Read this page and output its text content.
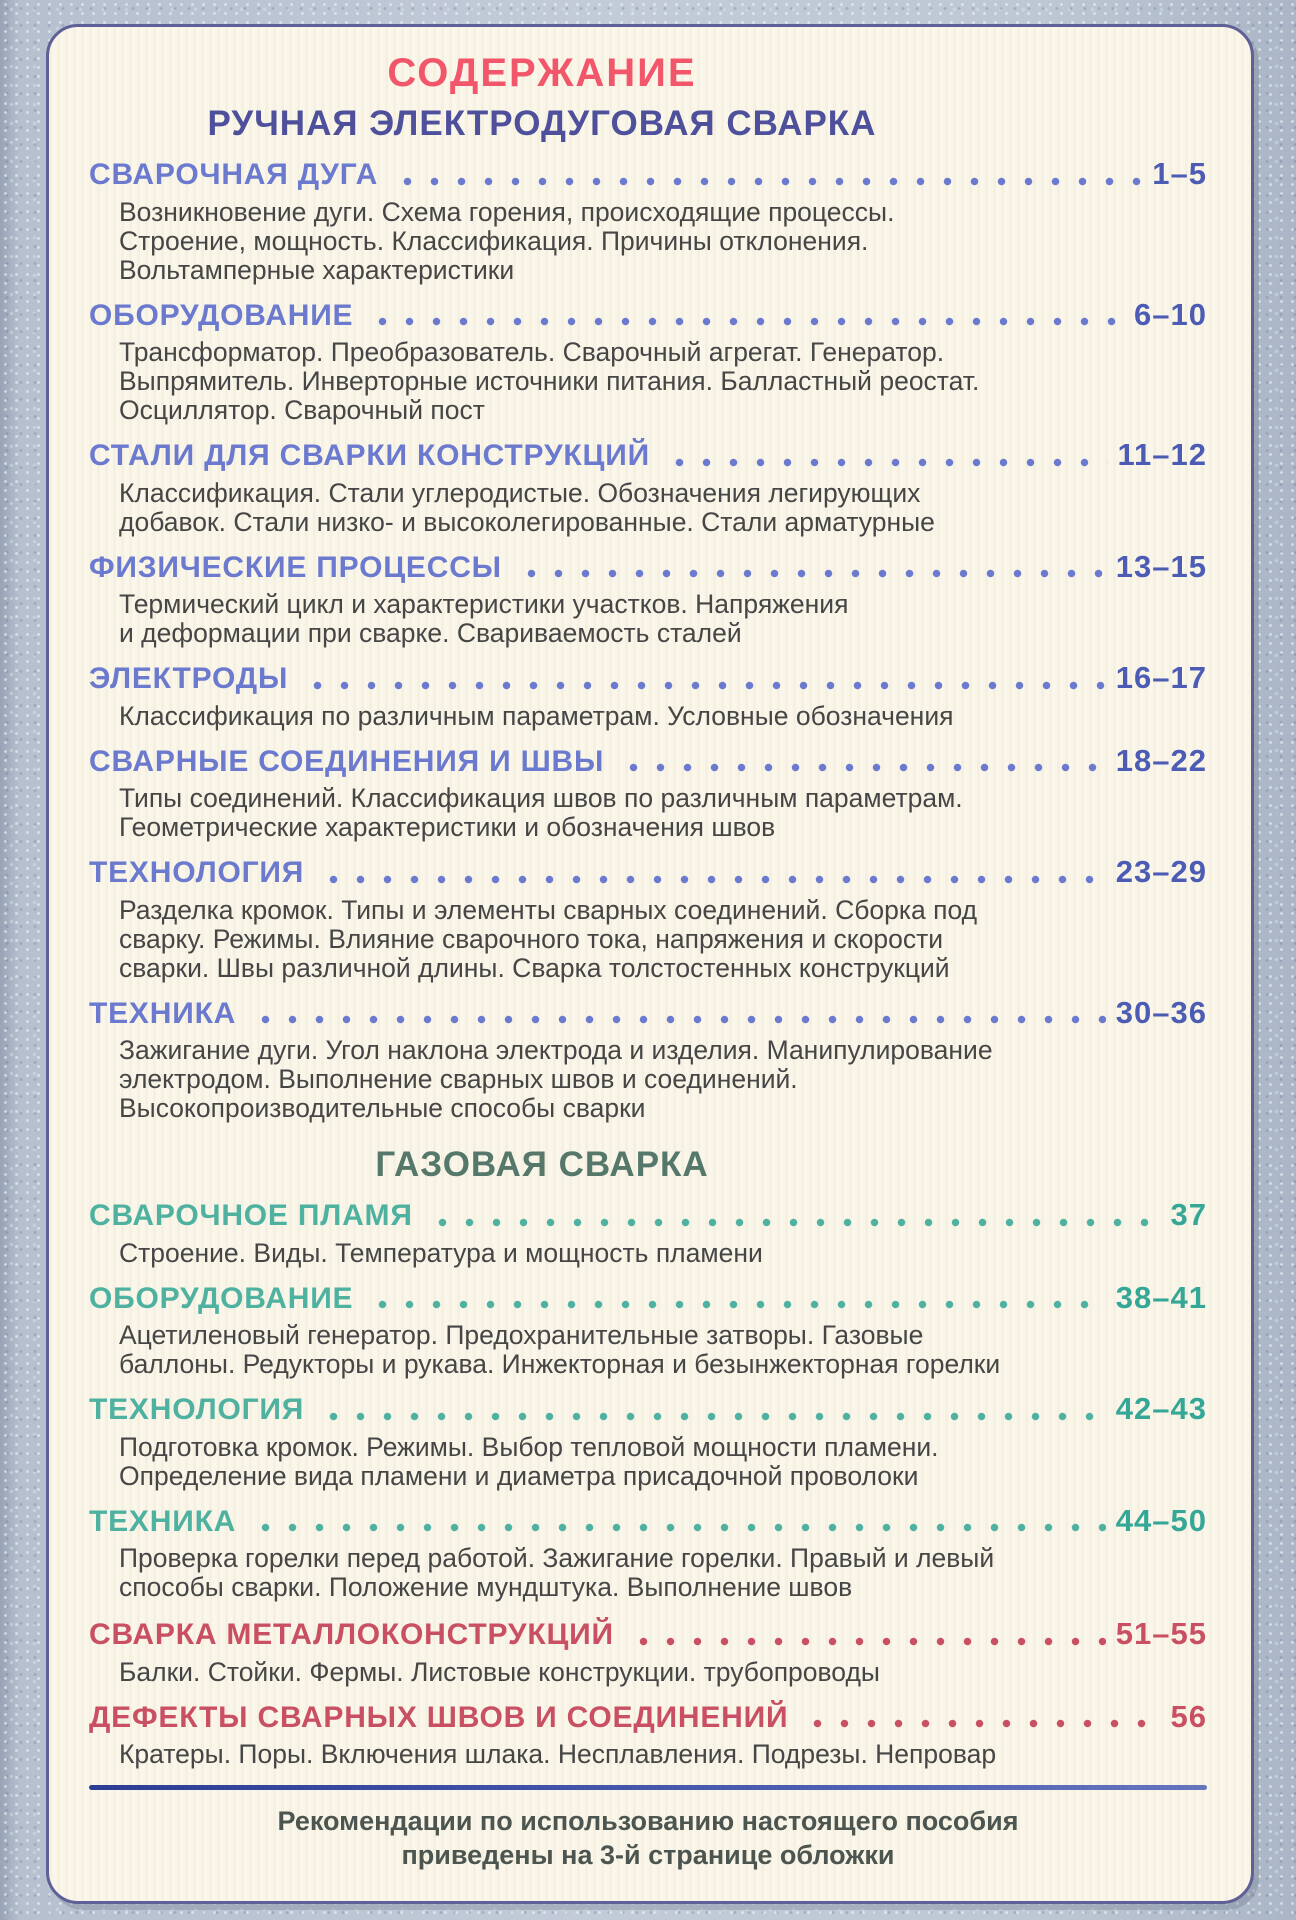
СОДЕРЖАНИЕ
РУЧНАЯ ЭЛЕКТРОДУГОВАЯ СВАРКА
СВАРОЧНАЯ ДУГА	1–5
Возникновение дуги. Схема горения, происходящие процессы.
Строение, мощность. Классификация. Причины отклонения.
Вольтамперные характеристики
ОБОРУДОВАНИЕ	6–10
Трансформатор. Преобразователь. Сварочный агрегат. Генератор.
Выпрямитель. Инверторные источники питания. Балластный реостат.
Осциллятор. Сварочный пост
СТАЛИ ДЛЯ СВАРКИ КОНСТРУКЦИЙ	11–12
Классификация. Стали углеродистые. Обозначения легирующих
добавок. Стали низко- и высоколегированные. Стали арматурные
ФИЗИЧЕСКИЕ ПРОЦЕССЫ	13–15
Термический цикл и характеристики участков. Напряжения
и деформации при сварке. Свариваемость сталей
ЭЛЕКТРОДЫ	16–17
Классификация по различным параметрам. Условные обозначения
СВАРНЫЕ СОЕДИНЕНИЯ И ШВЫ	18–22
Типы соединений. Классификация швов по различным параметрам.
Геометрические характеристики и обозначения швов
ТЕХНОЛОГИЯ	23–29
Разделка кромок. Типы и элементы сварных соединений. Сборка под
сварку. Режимы. Влияние сварочного тока, напряжения и скорости
сварки. Швы различной длины. Сварка толстостенных конструкций
ТЕХНИКА	30–36
Зажигание дуги. Угол наклона электрода и изделия. Манипулирование
электродом. Выполнение сварных швов и соединений.
Высокопроизводительные способы сварки
ГАЗОВАЯ СВАРКА
СВАРОЧНОЕ ПЛАМЯ	37
Строение. Виды. Температура и мощность пламени
ОБОРУДОВАНИЕ	38–41
Ацетиленовый генератор. Предохранительные затворы. Газовые
баллоны. Редукторы и рукава. Инжекторная и безынжекторная горелки
ТЕХНОЛОГИЯ	42–43
Подготовка кромок. Режимы. Выбор тепловой мощности пламени.
Определение вида пламени и диаметра присадочной проволоки
ТЕХНИКА	44–50
Проверка горелки перед работой. Зажигание горелки. Правый и левый
способы сварки. Положение мундштука. Выполнение швов
СВАРКА МЕТАЛЛОКОНСТРУКЦИЙ	51–55
Балки. Стойки. Фермы. Листовые конструкции. трубопроводы
ДЕФЕКТЫ СВАРНЫХ ШВОВ И СОЕДИНЕНИЙ	56
Кратеры. Поры. Включения шлака. Несплавления. Подрезы. Непровар
Рекомендации по использованию настоящего пособия
приведены на 3-й странице обложки
